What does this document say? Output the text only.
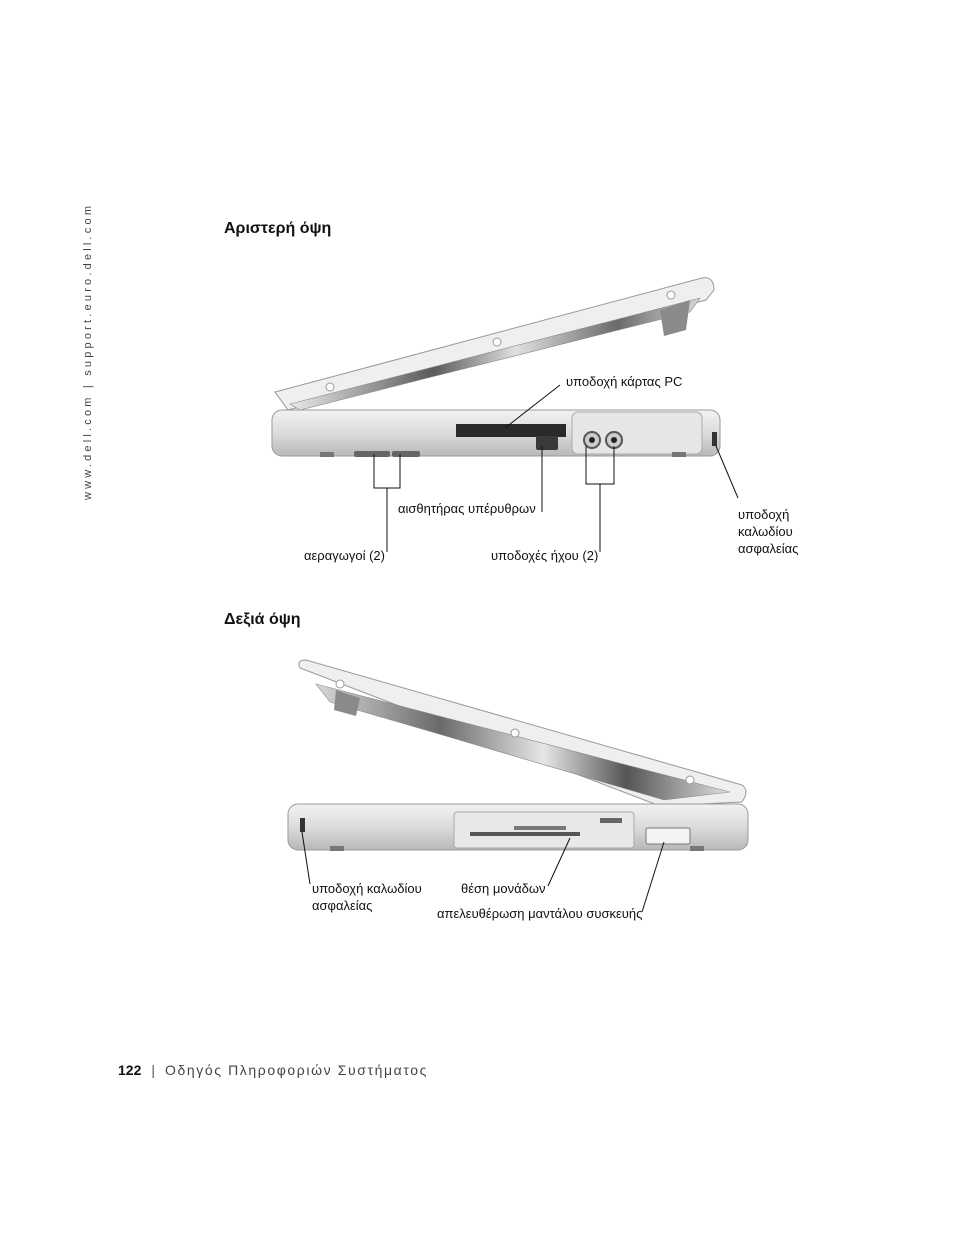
www.dell.com | support.euro.dell.com	Αριστερή όψη
υποδοχή κάρτας PC
αισθητήρας υπέρυθρων
αεραγωγοί (2)	υποδοχές ήχου (2)
υποδοχή
καλωδίου
ασφαλείας
Δεξιά όψη
υποδοχή καλωδίου
ασφαλείας
θέση μονάδων
απελευθέρωση μαντάλου συσκευής
122 | Οδηγός Πληροφοριών Συστήματος
